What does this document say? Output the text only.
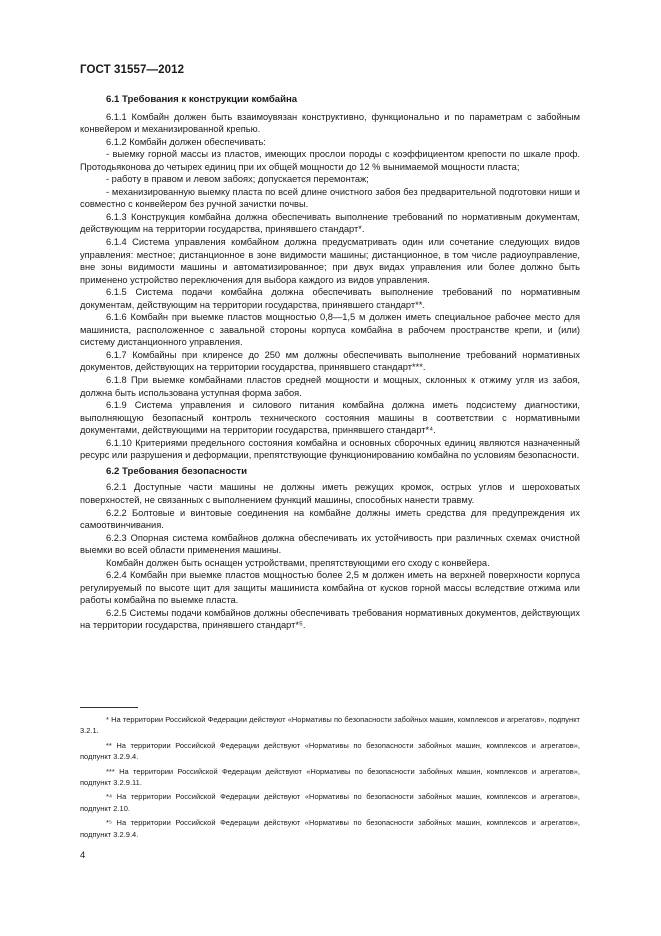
ГОСТ 31557—2012

6.1 Требования к конструкции комбайна

6.1.1 Комбайн должен быть взаимоувязан конструктивно, функционально и по параметрам с забойным конвейером и механизированной крепью.

6.1.2 Комбайн должен обеспечивать:

- выемку горной массы из пластов, имеющих прослои породы с коэффициентом крепости по шкале проф. Протодьяконова до четырех единиц при их общей мощности до 12 % вынимаемой мощности пласта;

- работу в правом и левом забоях; допускается перемонтаж;

- механизированную выемку пласта по всей длине очистного забоя без предварительной подготовки ниши и совместно с конвейером без ручной зачистки почвы.

6.1.3 Конструкция комбайна должна обеспечивать выполнение требований по нормативным документам, действующим на территории государства, принявшего стандарт*.

6.1.4 Система управления комбайном должна предусматривать один или сочетание следующих видов управления: местное; дистанционное в зоне видимости машины; дистанционное, в том числе радиоуправление, вне зоны видимости машины и автоматизированное; при двух видах управления или более должно быть применено устройство переключения для выбора каждого из видов управления.

6.1.5 Система подачи комбайна должна обеспечивать выполнение требований по нормативным документам, действующим на территории государства, принявшего стандарт**.

6.1.6 Комбайн при выемке пластов мощностью 0,8—1,5 м должен иметь специальное рабочее место для машиниста, расположенное с завальной стороны корпуса комбайна в рабочем пространстве крепи, и (или) систему дистанционного управления.

6.1.7 Комбайны при клиренсе до 250 мм должны обеспечивать выполнение требований нормативных документов, действующих на территории государства, принявшего стандарт***.

6.1.8 При выемке комбайнами пластов средней мощности и мощных, склонных к отжиму угля из забоя, должна быть использована уступная форма забоя.

6.1.9 Система управления и силового питания комбайна должна иметь подсистему диагностики, выполняющую безопасный контроль технического состояния машины в соответствии с нормативными документами, действующими на территории государства, принявшего стандарт*⁴.

6.1.10 Критериями предельного состояния комбайна и основных сборочных единиц являются назначенный ресурс или разрушения и деформации, препятствующие функционированию комбайна по условиям безопасности.

6.2 Требования безопасности

6.2.1 Доступные части машины не должны иметь режущих кромок, острых углов и шероховатых поверхностей, не связанных с выполнением функций машины, способных нанести травму.

6.2.2 Болтовые и винтовые соединения на комбайне должны иметь средства для предупреждения их самоотвинчивания.

6.2.3 Опорная система комбайнов должна обеспечивать их устойчивость при различных схемах очистной выемки во всей области применения машины.

Комбайн должен быть оснащен устройствами, препятствующими его сходу с конвейера.

6.2.4 Комбайн при выемке пластов мощностью более 2,5 м должен иметь на верхней поверхности корпуса регулируемый по высоте щит для защиты машиниста комбайна от кусков горной массы вследствие отжима или работы комбайна по выемке пласта.

6.2.5 Системы подачи комбайнов должны обеспечивать требования нормативных документов, действующих на территории государства, принявшего стандарт*⁵.

* На территории Российской Федерации действуют «Нормативы по безопасности забойных машин, комплексов и агрегатов», подпункт 3.2.1.

** На территории Российской Федерации действуют «Нормативы по безопасности забойных машин, комплексов и агрегатов», подпункт 3.2.9.4.

*** На территории Российской Федерации действуют «Нормативы по безопасности забойных машин, комплексов и агрегатов», подпункт 3.2.9.11.

*⁴ На территории Российской Федерации действуют «Нормативы по безопасности забойных машин, комплексов и агрегатов», подпункт 2.10.

*⁵ На территории Российской Федерации действуют «Нормативы по безопасности забойных машин, комплексов и агрегатов», подпункт 3.2.9.4.

4
